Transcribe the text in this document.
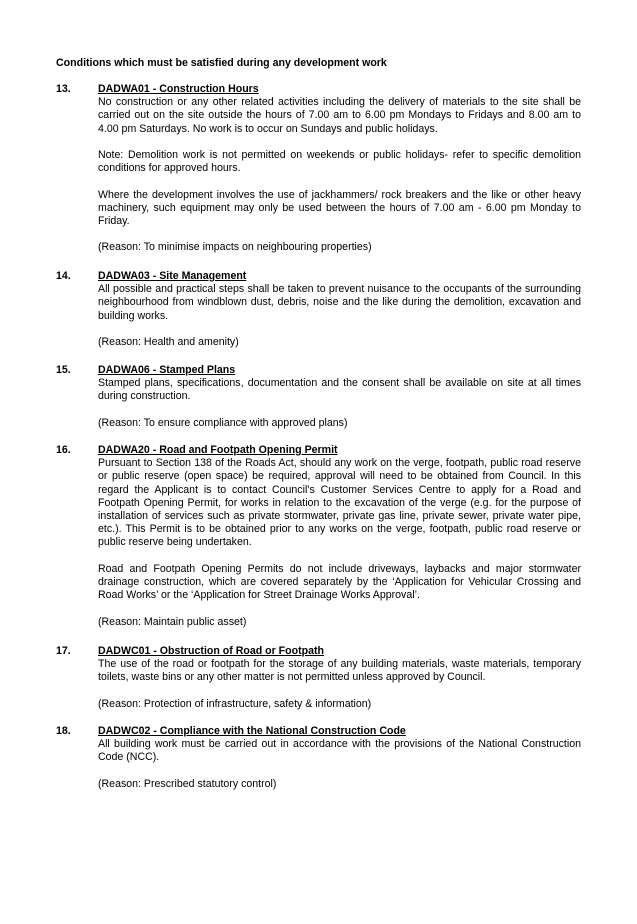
Conditions which must be satisfied during any development work
13.	DADWA01 - Construction Hours
No construction or any other related activities including the delivery of materials to the site shall be carried out on the site outside the hours of 7.00 am to 6.00 pm Mondays to Fridays and 8.00 am to 4.00 pm Saturdays. No work is to occur on Sundays and public holidays.
Note: Demolition work is not permitted on weekends or public holidays- refer to specific demolition conditions for approved hours.
Where the development involves the use of jackhammers/ rock breakers and the like or other heavy machinery, such equipment may only be used between the hours of 7.00 am - 6.00 pm Monday to Friday.
(Reason: To minimise impacts on neighbouring properties)
14.	DADWA03 - Site Management
All possible and practical steps shall be taken to prevent nuisance to the occupants of the surrounding neighbourhood from windblown dust, debris, noise and the like during the demolition, excavation and building works.
(Reason: Health and amenity)
15.	DADWA06 - Stamped Plans
Stamped plans, specifications, documentation and the consent shall be available on site at all times during construction.
(Reason: To ensure compliance with approved plans)
16.	DADWA20 - Road and Footpath Opening Permit
Pursuant to Section 138 of the Roads Act, should any work on the verge, footpath, public road reserve or public reserve (open space) be required, approval will need to be obtained from Council. In this regard the Applicant is to contact Council’s Customer Services Centre to apply for a Road and Footpath Opening Permit, for works in relation to the excavation of the verge (e.g. for the purpose of installation of services such as private stormwater, private gas line, private sewer, private water pipe, etc.). This Permit is to be obtained prior to any works on the verge, footpath, public road reserve or public reserve being undertaken.
Road and Footpath Opening Permits do not include driveways, laybacks and major stormwater drainage construction, which are covered separately by the ‘Application for Vehicular Crossing and Road Works’ or the ‘Application for Street Drainage Works Approval’.
(Reason: Maintain public asset)
17.	DADWC01 - Obstruction of Road or Footpath
The use of the road or footpath for the storage of any building materials, waste materials, temporary toilets, waste bins or any other matter is not permitted unless approved by Council.
(Reason: Protection of infrastructure, safety & information)
18.	DADWC02 - Compliance with the National Construction Code
All building work must be carried out in accordance with the provisions of the National Construction Code (NCC).
(Reason: Prescribed statutory control)
